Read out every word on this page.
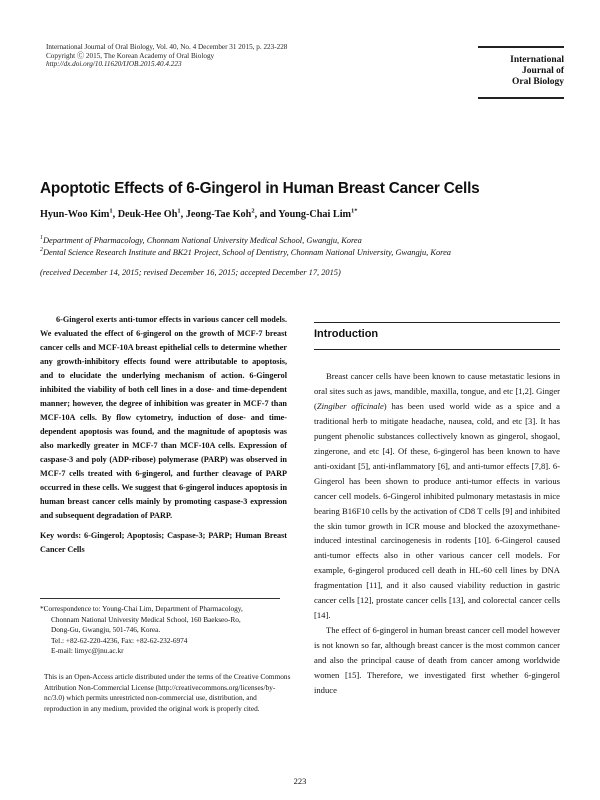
International Journal of Oral Biology, Vol. 40, No. 4 December 31 2015, p. 223-228
Copyright Ⓒ 2015, The Korean Academy of Oral Biology
http://dx.doi.org/10.11620/IJOB.2015.40.4.223	International
Journal of
Oral Biology
Apoptotic Effects of 6-Gingerol in Human Breast Cancer Cells
Hyun-Woo Kim$^1$, Deuk-Hee Oh$^1$, Jeong-Tae Koh$^2$, and Young-Chai Lim$^{1*}$
$^1$Department of Pharmacology, Chonnam National University Medical School, Gwangju, Korea
$^2$Dental Science Research Institute and BK21 Project, School of Dentistry, Chonnam National University, Gwangju, Korea
(received December 14, 2015; revised December 16, 2015; accepted December 17, 2015)

6-Gingerol exerts anti-tumor effects in various cancer cell models. We evaluated the effect of 6-gingerol on the growth of MCF-7 breast cancer cells and MCF-10A breast epithelial cells to determine whether any growth-inhibitory effects found were attributable to apoptosis, and to elucidate the underlying mechanism of action. 6-Gingerol inhibited the viability of both cell lines in a dose- and time-dependent manner; however, the degree of inhibition was greater in MCF-7 than MCF-10A cells. By flow cytometry, induction of dose- and time-dependent apoptosis was found, and the magnitude of apoptosis was also markedly greater in MCF-7 than MCF-10A cells. Expression of caspase-3 and poly (ADP-ribose) polymerase (PARP) was observed in MCF-7 cells treated with 6-gingerol, and further cleavage of PARP occurred in these cells. We suggest that 6-gingerol induces apoptosis in human breast cancer cells mainly by promoting caspase-3 expression and subsequent degradation of PARP.

Key words: 6-Gingerol; Apoptosis; Caspase-3; PARP; Human Breast Cancer Cells
*Correspondence to: Young-Chai Lim, Department of Pharmacology,
Chonnam National University Medical School, 160 Baekseo-Ro,
Dong-Gu, Gwangju, 501-746, Korea.
Tel.: +82-62-220-4236, Fax: +82-62-232-6974
E-mail: limyc@jnu.ac.kr
This is an Open-Access article distributed under the terms of the Creative Commons Attribution Non-Commercial License (http://creativecommons.org/licenses/by-nc/3.0) which permits unrestricted non-commercial use, distribution, and reproduction in any medium, provided the original work is properly cited.
Introduction

Breast cancer cells have been known to cause metastatic lesions in oral sites such as jaws, mandible, maxilla, tongue, and etc [1,2]. Ginger (Zingiber officinale) has been used world wide as a spice and a traditional herb to mitigate headache, nausea, cold, and etc [3]. It has pungent phenolic substances collectively known as gingerol, shogaol, zingerone, and etc [4]. Of these, 6-gingerol has been known to have anti-oxidant [5], anti-inflammatory [6], and anti-tumor effects [7,8]. 6-Gingerol has been shown to produce anti-tumor effects in various cancer cell models. 6-Gingerol inhibited pulmonary metastasis in mice bearing B16F10 cells by the activation of CD8 T cells [9] and inhibited the skin tumor growth in ICR mouse and blocked the azoxymethane-induced intestinal carcinogenesis in rodents [10]. 6-Gingerol caused anti-tumor effects also in other various cancer cell models. For example, 6-gingerol produced cell death in HL-60 cell lines by DNA fragmentation [11], and it also caused viability reduction in gastric cancer cells [12], prostate cancer cells [13], and colorectal cancer cells [14].

The effect of 6-gingerol in human breast cancer cell model however is not known so far, although breast cancer is the most common cancer and also the principal cause of death from cancer among worldwide women [15]. Therefore, we investigated first whether 6-gingerol induce

223
